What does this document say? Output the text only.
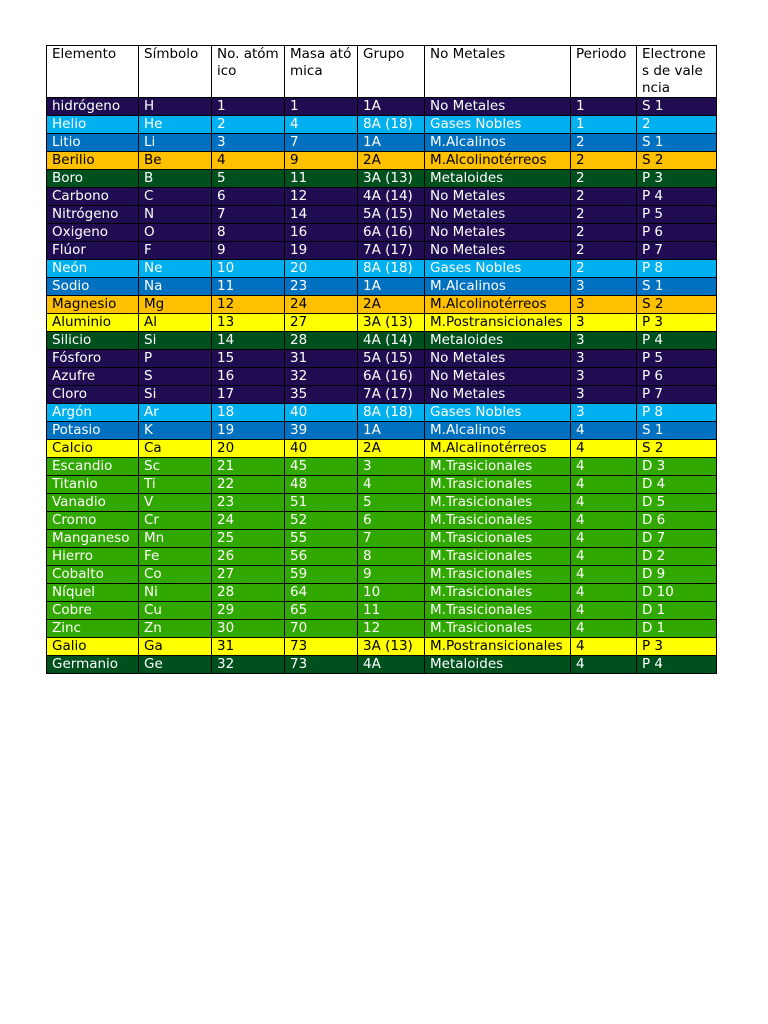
Elemento	Símbolo	No. atómico	Masa atómica	Grupo	No Metales	Periodo	Electrones de valencia
hidrógeno	H	1	1	1A	No Metales	1	S 1
Helio	He	2	4	8A (18)	Gases Nobles	1	2
Litio	Li	3	7	1A	M.Alcalinos	2	S 1
Berilio	Be	4	9	2A	M.Alcolinotérreos	2	S 2
Boro	B	5	11	3A (13)	Metaloides	2	P 3
Carbono	C	6	12	4A (14)	No Metales	2	P 4
Nitrógeno	N	7	14	5A (15)	No Metales	2	P 5
Oxigeno	O	8	16	6A (16)	No Metales	2	P 6
Flúor	F	9	19	7A (17)	No Metales	2	P 7
Neón	Ne	10	20	8A (18)	Gases Nobles	2	P 8
Sodio	Na	11	23	1A	M.Alcalinos	3	S 1
Magnesio	Mg	12	24	2A	M.Alcolinotérreos	3	S 2
Aluminio	Al	13	27	3A (13)	M.Postransicionales	3	P 3
Silicio	Si	14	28	4A (14)	Metaloides	3	P 4
Fósforo	P	15	31	5A (15)	No Metales	3	P 5
Azufre	S	16	32	6A (16)	No Metales	3	P 6
Cloro	Si	17	35	7A (17)	No Metales	3	P 7
Argón	Ar	18	40	8A (18)	Gases Nobles	3	P 8
Potasio	K	19	39	1A	M.Alcalinos	4	S 1
Calcio	Ca	20	40	2A	M.Alcalinotérreos	4	S 2
Escandio	Sc	21	45	3	M.Trasicionales	4	D 3
Titanio	Ti	22	48	4	M.Trasicionales	4	D 4
Vanadio	V	23	51	5	M.Trasicionales	4	D 5
Cromo	Cr	24	52	6	M.Trasicionales	4	D 6
Manganeso	Mn	25	55	7	M.Trasicionales	4	D 7
Hierro	Fe	26	56	8	M.Trasicionales	4	D 2
Cobalto	Co	27	59	9	M.Trasicionales	4	D 9
Níquel	Ni	28	64	10	M.Trasicionales	4	D 10
Cobre	Cu	29	65	11	M.Trasicionales	4	D 1
Zinc	Zn	30	70	12	M.Trasicionales	4	D 1
Galio	Ga	31	73	3A (13)	M.Postransicionales	4	P 3
Germanio	Ge	32	73	4A	Metaloides	4	P 4
